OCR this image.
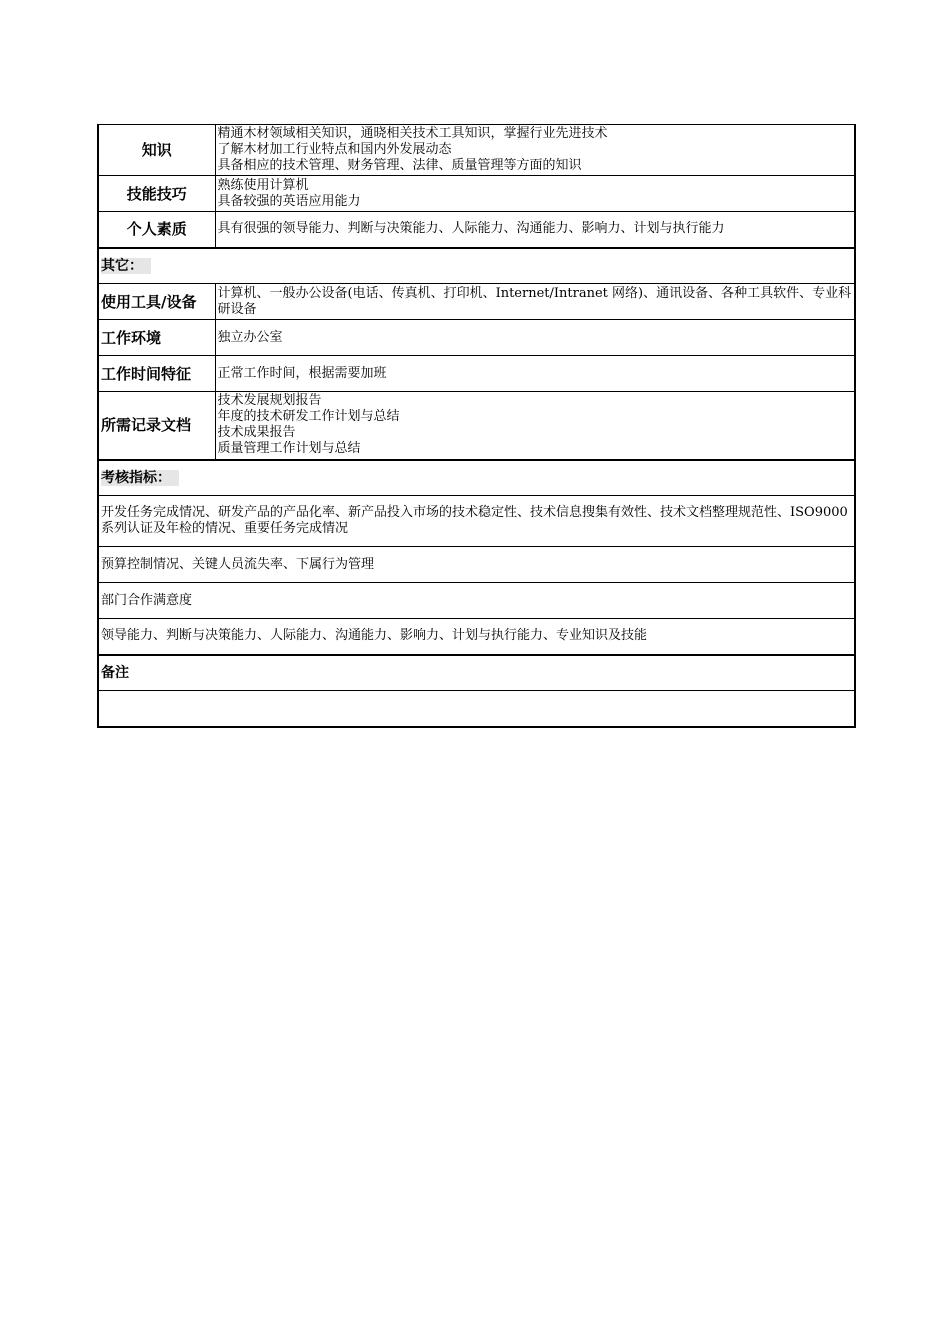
知识	精通木材领域相关知识，通晓相关技术工具知识，掌握行业先进技术
了解木材加工行业特点和国内外发展动态
具备相应的技术管理、财务管理、法律、质量管理等方面的知识

技能技巧	熟练使用计算机
具备较强的英语应用能力

个人素质	具有很强的领导能力、判断与决策能力、人际能力、沟通能力、影响力、计划与执行能力

其它：	
使用工具/设备	计算机、一般办公设备(电话、传真机、打印机、Internet/Intranet 网络)、通讯设备、各种工具软件、专业科研设备

工作环境	独立办公室
工作时间特征	正常工作时间，根据需要加班
所需记录文档	技术发展规划报告
年度的技术研发工作计划与总结
技术成果报告
质量管理工作计划与总结

考核指标：	

开发任务完成情况、研发产品的产品化率、新产品投入市场的技术稳定性、技术信息搜集有效性、技术文档整理规范性、ISO9000系列认证及年检的情况、重要任务完成情况	

预算控制情况、关键人员流失率、下属行为管理	
部门合作满意度	
领导能力、判断与决策能力、人际能力、沟通能力、影响力、计划与执行能力、专业知识及技能	
备注	
